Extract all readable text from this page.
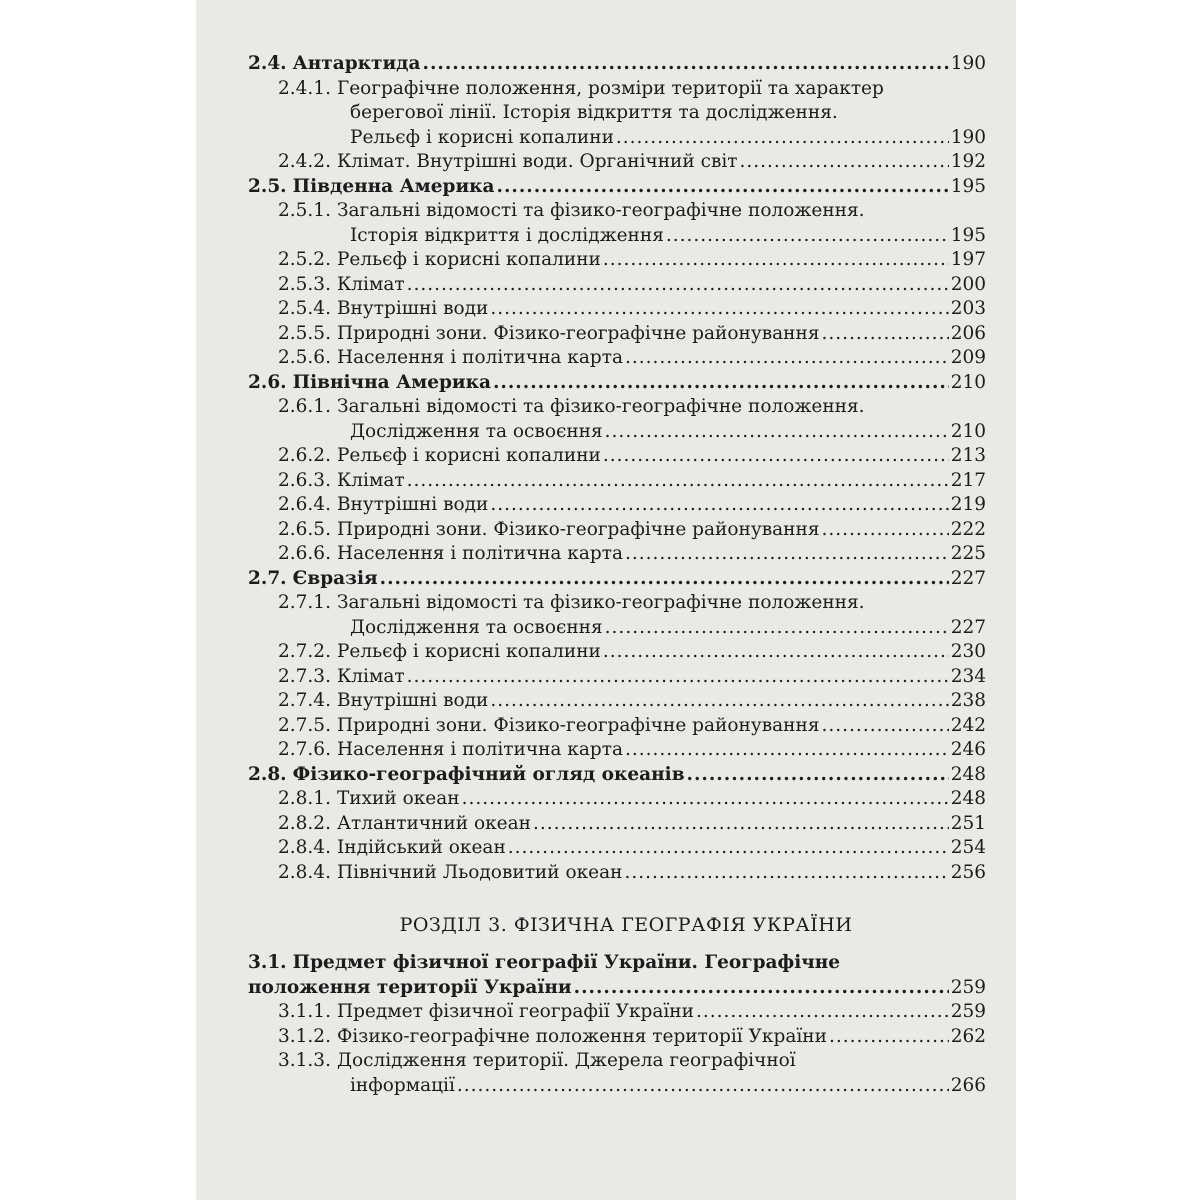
2.4. Антарктида .....	190
2.4.1. Географічне положення, розміри території та характер
берегової лінії. Історія відкриття та дослідження.
Рельєф і корисні копалини .....	190
2.4.2. Клімат. Внутрішні води. Органічний світ .....	192
2.5. Південна Америка .....	195
2.5.1. Загальні відомості та фізико-географічне положення.
Історія відкриття і дослідження .....	195
2.5.2. Рельєф і корисні копалини .....	197
2.5.3. Клімат .....	200
2.5.4. Внутрішні води .....	203
2.5.5. Природні зони. Фізико-географічне районування .....	206
2.5.6. Населення і політична карта .....	209
2.6. Північна Америка .....	210
2.6.1. Загальні відомості та фізико-географічне положення.
Дослідження та освоєння .....	210
2.6.2. Рельєф і корисні копалини .....	213
2.6.3. Клімат .....	217
2.6.4. Внутрішні води .....	219
2.6.5. Природні зони. Фізико-географічне районування .....	222
2.6.6. Населення і політична карта .....	225
2.7. Євразія .....	227
2.7.1. Загальні відомості та фізико-географічне положення.
Дослідження та освоєння .....	227
2.7.2. Рельєф і корисні копалини .....	230
2.7.3. Клімат .....	234
2.7.4. Внутрішні води .....	238
2.7.5. Природні зони. Фізико-географічне районування .....	242
2.7.6. Населення і політична карта .....	246
2.8. Фізико-географічний огляд океанів .....	248
2.8.1. Тихий океан .....	248
2.8.2. Атлантичний океан .....	251
2.8.4. Індійський океан .....	254
2.8.4. Північний Льодовитий океан .....	256
РОЗДІЛ 3. ФІЗИЧНА ГЕОГРАФІЯ УКРАЇНИ
3.1. Предмет фізичної географії України. Географічне
положення території України .....	259
3.1.1. Предмет фізичної географії України .....	259
3.1.2. Фізико-географічне положення території України .....	262
3.1.3. Дослідження території. Джерела географічної
інформації .....	266
